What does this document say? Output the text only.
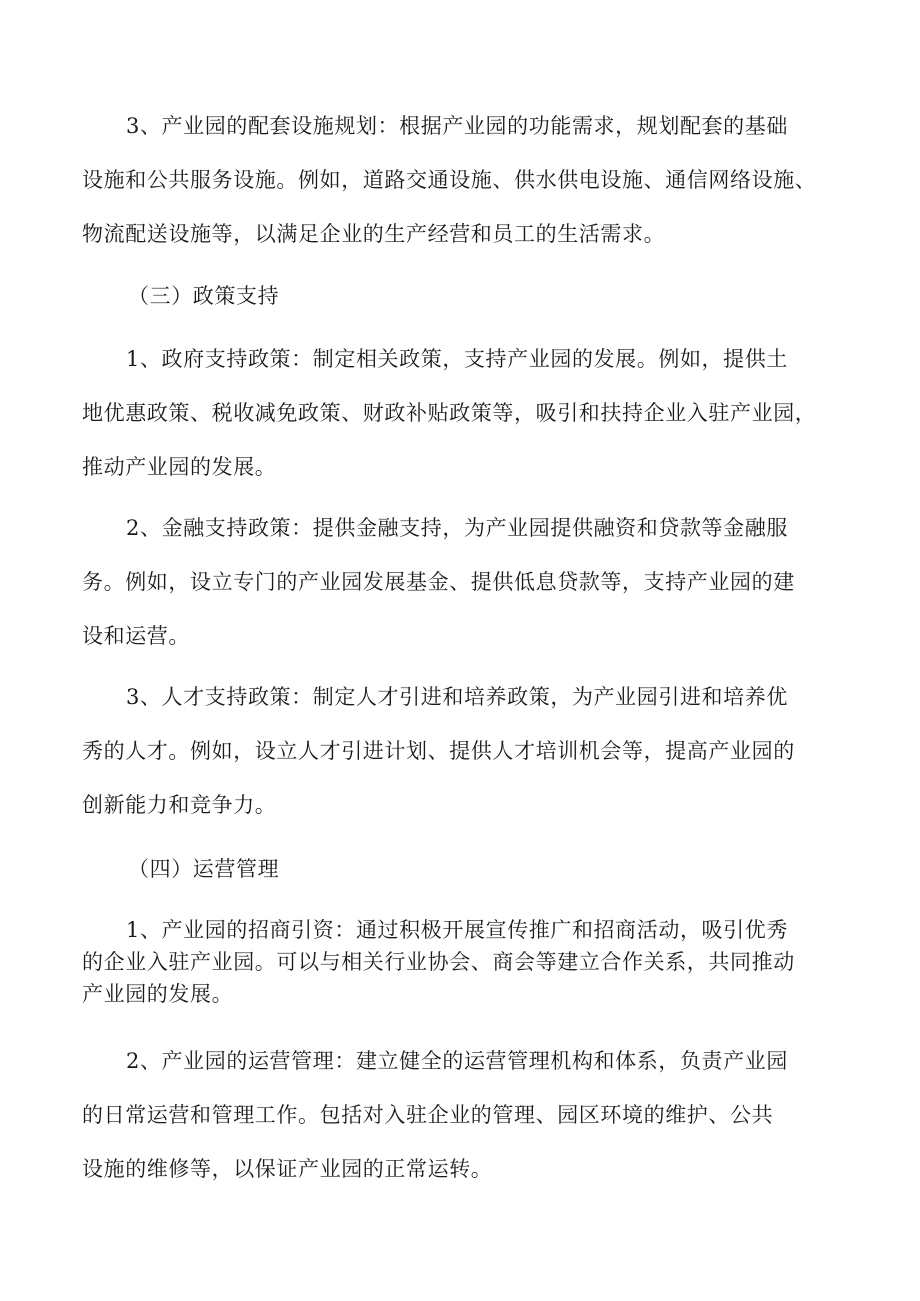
3、产业园的配套设施规划：根据产业园的功能需求，规划配套的基础
设施和公共服务设施。例如，道路交通设施、供水供电设施、通信网络设施、
物流配送设施等，以满足企业的生产经营和员工的生活需求。
（三）政策支持
1、政府支持政策：制定相关政策，支持产业园的发展。例如，提供土
地优惠政策、税收减免政策、财政补贴政策等，吸引和扶持企业入驻产业园，
推动产业园的发展。
2、金融支持政策：提供金融支持，为产业园提供融资和贷款等金融服
务。例如，设立专门的产业园发展基金、提供低息贷款等，支持产业园的建
设和运营。
3、人才支持政策：制定人才引进和培养政策，为产业园引进和培养优
秀的人才。例如，设立人才引进计划、提供人才培训机会等，提高产业园的
创新能力和竞争力。
（四）运营管理
1、产业园的招商引资：通过积极开展宣传推广和招商活动，吸引优秀
的企业入驻产业园。可以与相关行业协会、商会等建立合作关系，共同推动
产业园的发展。
2、产业园的运营管理：建立健全的运营管理机构和体系，负责产业园
的日常运营和管理工作。包括对入驻企业的管理、园区环境的维护、公共
设施的维修等，以保证产业园的正常运转。
